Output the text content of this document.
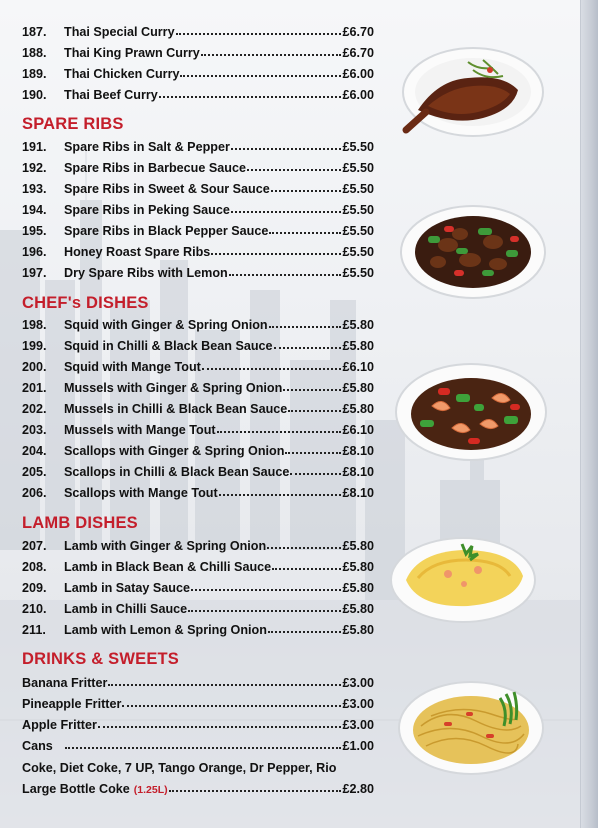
187.	Thai Special Curry	£6.70
188.	Thai King Prawn Curry	£6.70
189.	Thai Chicken Curry	£6.00
190.	Thai Beef Curry	£6.00
SPARE RIBS
191.	Spare Ribs in Salt & Pepper	£5.50
192.	Spare Ribs in Barbecue Sauce	£5.50
193.	Spare Ribs in Sweet & Sour Sauce	£5.50
194.	Spare Ribs in Peking Sauce	£5.50
195.	Spare Ribs in Black Pepper Sauce	£5.50
196.	Honey Roast Spare Ribs	£5.50
197.	Dry Spare Ribs with Lemon	£5.50
CHEF's DISHES
198.	Squid with Ginger & Spring Onion	£5.80
199.	Squid in Chilli & Black Bean Sauce	£5.80
200.	Squid with Mange Tout	£6.10
201.	Mussels with Ginger & Spring Onion	£5.80
202.	Mussels in Chilli & Black Bean Sauce	£5.80
203.	Mussels with Mange Tout	£6.10
204.	Scallops with Ginger & Spring Onion	£8.10
205.	Scallops in Chilli & Black Bean Sauce	£8.10
206.	Scallops with Mange Tout	£8.10
LAMB DISHES
207.	Lamb with Ginger & Spring Onion	£5.80
208.	Lamb in Black Bean & Chilli Sauce	£5.80
209.	Lamb in Satay Sauce	£5.80
210.	Lamb in Chilli Sauce	£5.80
211.	Lamb with Lemon & Spring Onion	£5.80
DRINKS & SWEETS
Banana Fritter	£3.00
Pineapple Fritter	£3.00
Apple Fritter	£3.00
Cans	£1.00
Coke, Diet Coke, 7 UP, Tango Orange, Dr Pepper, Rio
Large Bottle Coke (1.25L)	£2.80
